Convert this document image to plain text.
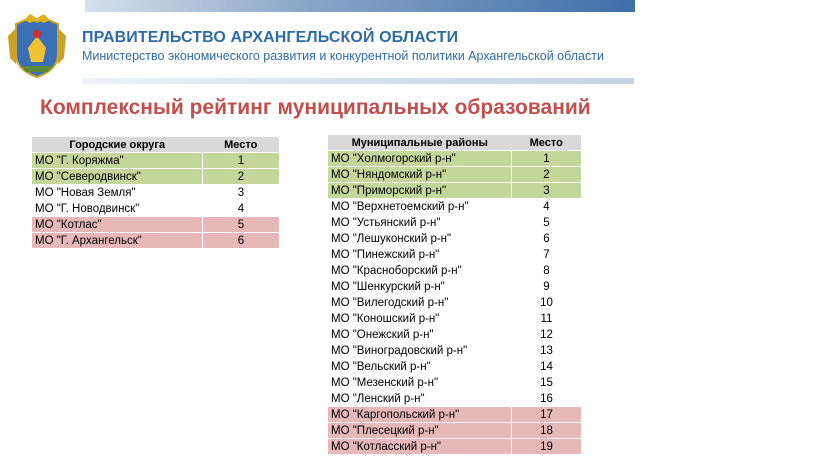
ПРАВИТЕЛЬСТВО АРХАНГЕЛЬСКОЙ ОБЛАСТИ
Министерство экономического развития и конкурентной политики Архангельской области
Комплексный рейтинг муниципальных образований
Городские округа	Место
МО "Г. Коряжма"	1
МО "Северодвинск"	2
МО "Новая Земля"	3
МО "Г. Новодвинск"	4
МО "Котлас"	5
МО "Г. Архангельск"	6
Муниципальные районы	Место
МО "Холмогорский р-н"	1
МО "Няндомский р-н"	2
МО "Приморский р-н"	3
МО "Верхнетоемский р-н"	4
МО "Устьянский р-н"	5
МО "Лешуконский р-н"	6
МО "Пинежский р-н"	7
МО "Красноборский р-н"	8
МО "Шенкурский р-н"	9
МО "Вилегодский р-н"	10
МО "Коношский р-н"	11
МО "Онежский р-н"	12
МО "Виноградовский р-н"	13
МО "Вельский р-н"	14
МО "Мезенский р-н"	15
МО "Ленский р-н"	16
МО "Каргопольский р-н"	17
МО "Плесецкий р-н"	18
МО "Котласский р-н"	19
